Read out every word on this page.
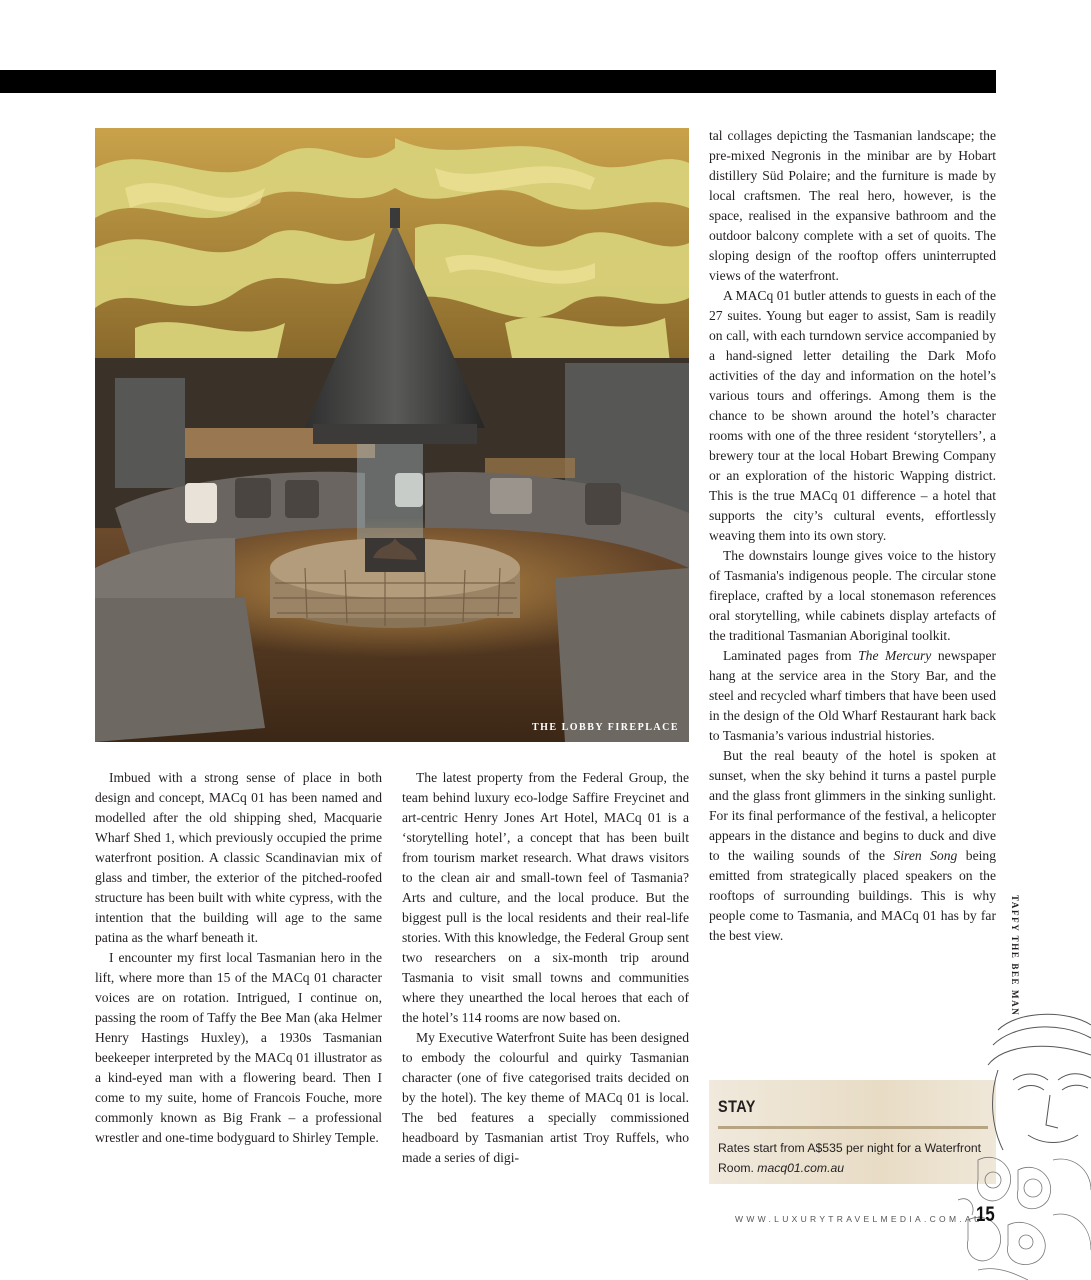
THE LOBBY FIREPLACE

Imbued with a strong sense of place in both design and concept, MACq 01 has been named and modelled after the old shipping shed, Macquarie Wharf Shed 1, which previously occupied the prime waterfront position. A classic Scandinavian mix of glass and timber, the exterior of the pitched-roofed structure has been built with white cypress, with the intention that the building will age to the same patina as the wharf beneath it.

I encounter my first local Tasmanian hero in the lift, where more than 15 of the MACq 01 character voices are on rotation. Intrigued, I continue on, passing the room of Taffy the Bee Man (aka Helmer Henry Hastings Huxley), a 1930s Tasmanian beekeeper interpreted by the MACq 01 illustrator as a kind-eyed man with a flowering beard. Then I come to my suite, home of Francois Fouche, more commonly known as Big Frank – a professional wrestler and one-time bodyguard to Shirley Temple.

The latest property from the Federal Group, the team behind luxury eco-lodge Saffire Freycinet and art-centric Henry Jones Art Hotel, MACq 01 is a ‘storytelling hotel’, a concept that has been built from tourism market research. What draws visitors to the clean air and small-town feel of Tasmania? Arts and culture, and the local produce. But the biggest pull is the local residents and their real-life stories. With this knowledge, the Federal Group sent two researchers on a six-month trip around Tasmania to visit small towns and communities where they unearthed the local heroes that each of the hotel’s 114 rooms are now based on.

My Executive Waterfront Suite has been designed to embody the colourful and quirky Tasmanian character (one of five categorised traits decided on by the hotel). The key theme of MACq 01 is local. The bed features a specially commissioned headboard by Tasmanian artist Troy Ruffels, who made a series of digi-

tal collages depicting the Tasmanian landscape; the pre-mixed Negronis in the minibar are by Hobart distillery Süd Polaire; and the furniture is made by local craftsmen. The real hero, however, is the space, realised in the expansive bathroom and the outdoor balcony complete with a set of quoits. The sloping design of the rooftop offers uninterrupted views of the waterfront.

A MACq 01 butler attends to guests in each of the 27 suites. Young but eager to assist, Sam is readily on call, with each turndown service accompanied by a hand-signed letter detailing the Dark Mofo activities of the day and information on the hotel’s various tours and offerings. Among them is the chance to be shown around the hotel’s character rooms with one of the three resident ‘storytellers’, a brewery tour at the local Hobart Brewing Company or an exploration of the historic Wapping district. This is the true MACq 01 difference – a hotel that supports the city’s cultural events, effortlessly weaving them into its own story.

The downstairs lounge gives voice to the history of Tasmania's indigenous people. The circular stone fireplace, crafted by a local stonemason references oral storytelling, while cabinets display artefacts of the traditional Tasmanian Aboriginal toolkit.

Laminated pages from The Mercury newspaper hang at the service area in the Story Bar, and the steel and recycled wharf timbers that have been used in the design of the Old Wharf Restaurant hark back to Tasmania’s various industrial histories.

But the real beauty of the hotel is spoken at sunset, when the sky behind it turns a pastel purple and the glass front glimmers in the sinking sunlight. For its final performance of the festival, a helicopter appears in the distance and begins to duck and dive to the wailing sounds of the Siren Song being emitted from strategically placed speakers on the rooftops of surrounding buildings. This is why people come to Tasmania, and MACq 01 has by far the best view.	TAFFY THE BEE MAN
STAY
Rates start from A$535 per night for a Waterfront Room. macq01.com.au
WWW.LUXURYTRAVELMEDIA.COM.AU
15
